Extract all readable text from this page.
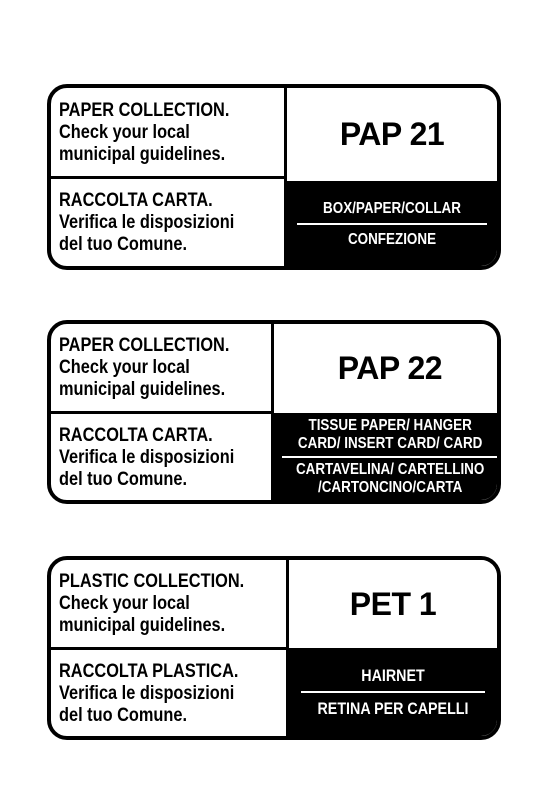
PAPER COLLECTION.
Check your local
municipal guidelines.
RACCOLTA CARTA.
Verifica le disposizioni
del tuo Comune.
PAP 21
BOX/PAPER/COLLAR
CONFEZIONE
PAPER COLLECTION.
Check your local
municipal guidelines.
RACCOLTA CARTA.
Verifica le disposizioni
del tuo Comune.
PAP 22
TISSUE PAPER/ HANGER
CARD/ INSERT CARD/ CARD
CARTAVELINA/ CARTELLINO
/CARTONCINO/CARTA
PLASTIC COLLECTION.
Check your local
municipal guidelines.
RACCOLTA PLASTICA.
Verifica le disposizioni
del tuo Comune.
PET 1
HAIRNET
RETINA PER CAPELLI
